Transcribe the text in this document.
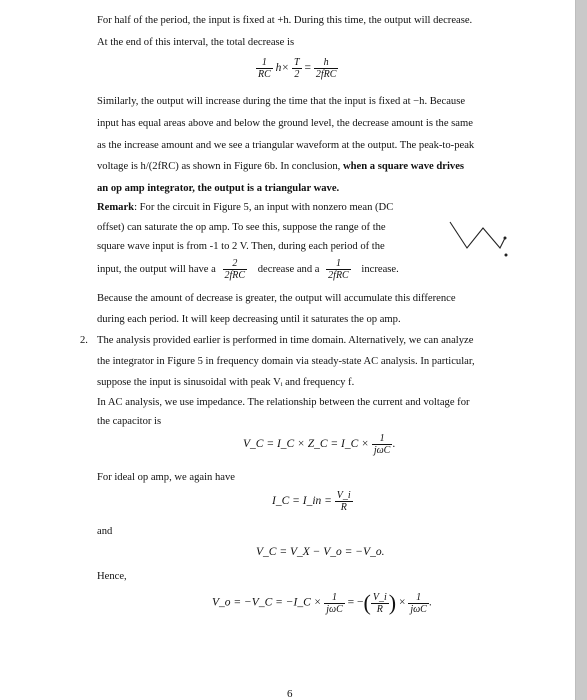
For half of the period, the input is fixed at +h. During this time, the output will decrease.
At the end of this interval, the total decrease is
$\frac{1}{RC} h\times \frac{T}{2} = \frac{h}{\text{2fRC}}$
Similarly, the output will increase during the time that the input is fixed at −h. Because
input has equal areas above and below the ground level, the decrease amount is the same
as the increase amount and we see a triangular waveform at the output. The peak-to-peak
voltage is h/(2fRC) as shown in Figure 6b. In conclusion, when a square wave drives
an op amp integrator, the output is a triangular wave.
Remark: For the circuit in Figure 5, an input with nonzero mean (DC
offset) can saturate the op amp. To see this, suppose the range of the
square wave input is from -1 to 2 V. Then, during each period of the
input, the output will have a $\frac{2}{\text{2fRC}}$ decrease and a $\frac{1}{\text{2fRC}}$ increase.
Because the amount of decrease is greater, the output will accumulate this difference
during each period. It will keep decreasing until it saturates the op amp.
2. The analysis provided earlier is performed in time domain. Alternatively, we can analyze
the integrator in Figure 5 in frequency domain via steady-state AC analysis. In particular,
suppose the input is sinusoidal with peak Vᵢ and frequency f.
In AC analysis, we use impedance. The relationship between the current and voltage for
the capacitor is
V_C = I_C × Z_C = I_C × $\frac{1}{\text{jωC}}$ .
For ideal op amp, we again have
I_C = I_in = $\frac{V\_i}{R}$
and
V_C = V_X − V_o = −V_o.
Hence,
V_o = −V_C = −I_C × $\frac{1}{\text{jωC}}$ = −( $\frac{V\_i}{R}$ ) × $\frac{1}{\text{jωC}}$ .
6
